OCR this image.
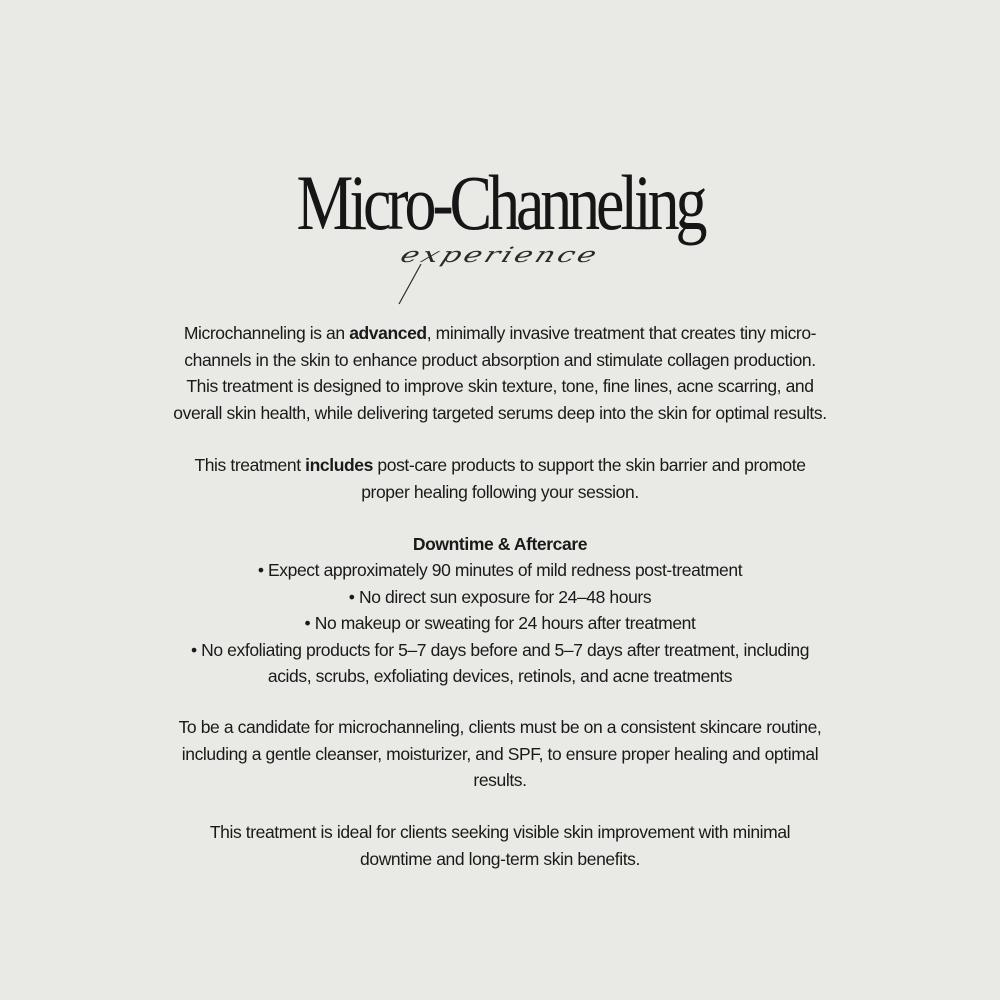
Micro-Channeling
experience
Microchanneling is an advanced, minimally invasive treatment that creates tiny micro-
channels in the skin to enhance product absorption and stimulate collagen production.
This treatment is designed to improve skin texture, tone, fine lines, acne scarring, and
overall skin health, while delivering targeted serums deep into the skin for optimal results.
This treatment includes post-care products to support the skin barrier and promote
proper healing following your session.
Downtime & Aftercare
• Expect approximately 90 minutes of mild redness post-treatment
• No direct sun exposure for 24–48 hours
• No makeup or sweating for 24 hours after treatment
• No exfoliating products for 5–7 days before and 5–7 days after treatment, including
acids, scrubs, exfoliating devices, retinols, and acne treatments
To be a candidate for microchanneling, clients must be on a consistent skincare routine,
including a gentle cleanser, moisturizer, and SPF, to ensure proper healing and optimal
results.
This treatment is ideal for clients seeking visible skin improvement with minimal
downtime and long-term skin benefits.
